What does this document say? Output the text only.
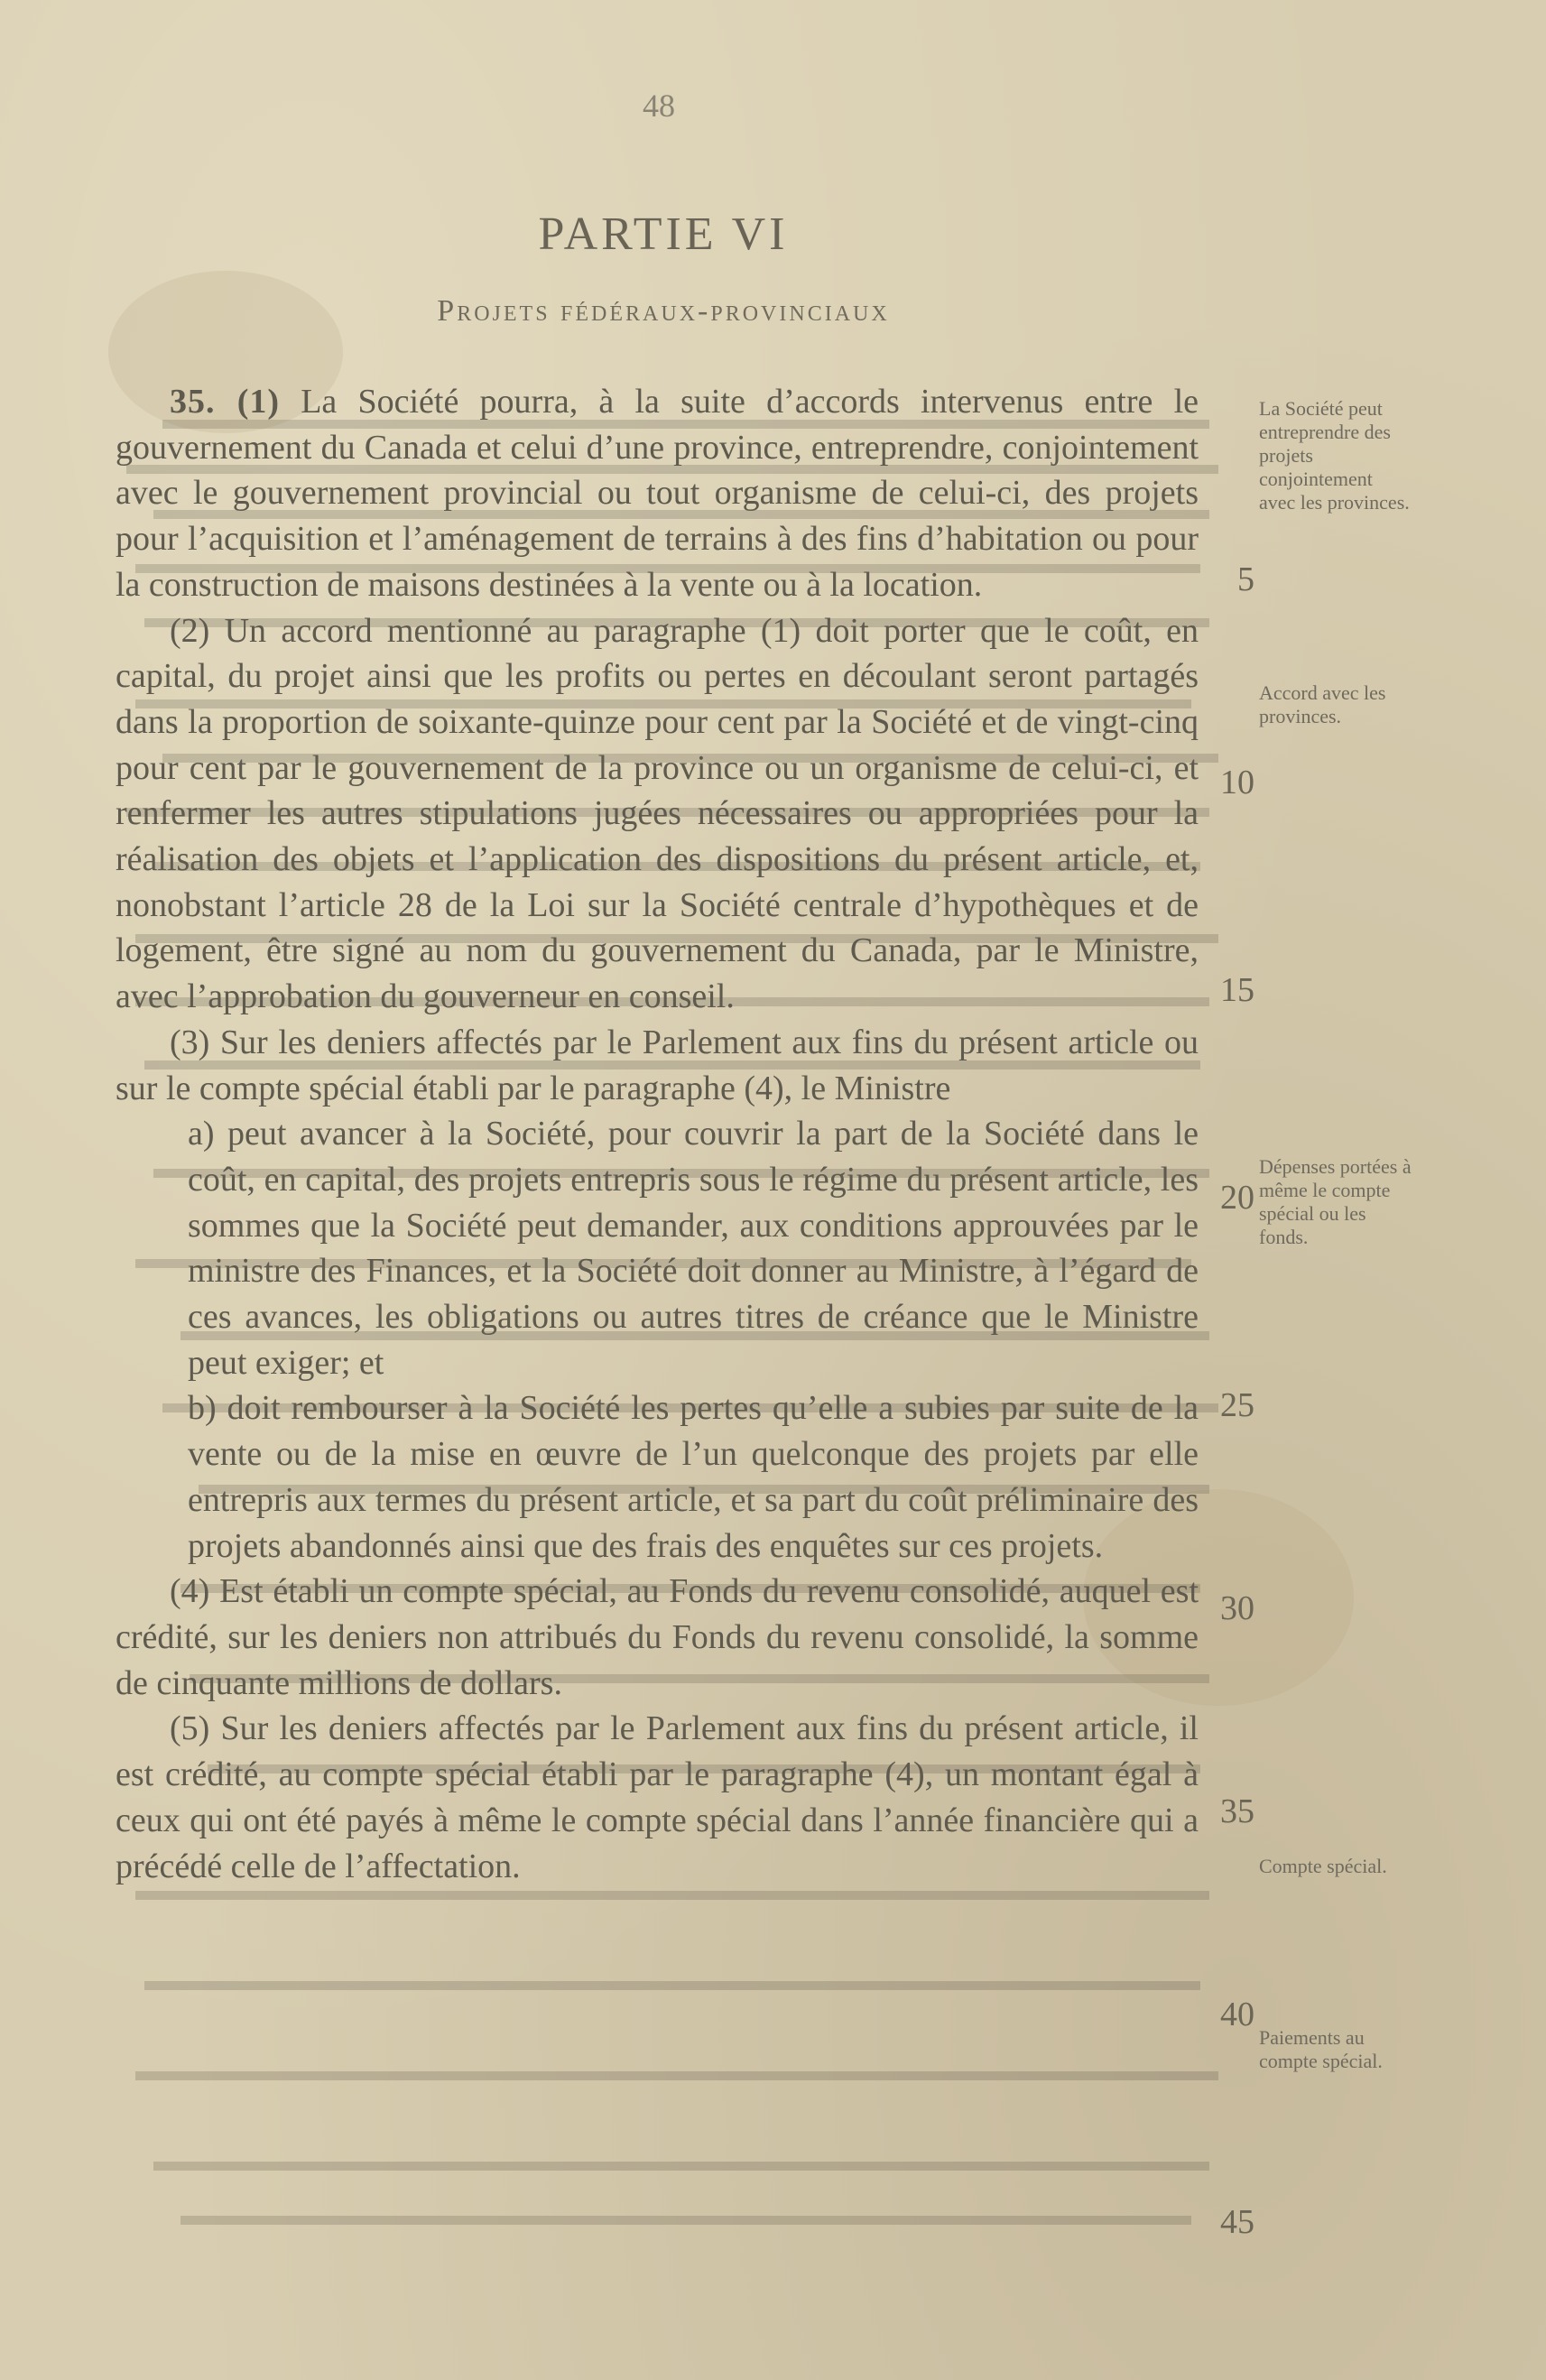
48
PARTIE VI
Projets fédéraux-provinciaux

35. (1) La Société pourra, à la suite d’accords intervenus entre le gouvernement du Canada et celui d’une province, entreprendre, conjointement avec le gouvernement provincial ou tout organisme de celui-ci, des projets pour l’acquisition et l’aménagement de terrains à des fins d’habitation ou pour la construction de maisons destinées à la vente ou à la location.

(2) Un accord mentionné au paragraphe (1) doit porter que le coût, en capital, du projet ainsi que les profits ou pertes en découlant seront partagés dans la proportion de soixante-quinze pour cent par la Société et de vingt-cinq pour cent par le gouvernement de la province ou un organisme de celui-ci, et renfermer les autres stipulations jugées nécessaires ou appropriées pour la réalisation des objets et l’application des dispositions du présent article, et, nonobstant l’article 28 de la Loi sur la Société centrale d’hypothèques et de logement, être signé au nom du gouvernement du Canada, par le Ministre, avec l’approbation du gouverneur en conseil.

(3) Sur les deniers affectés par le Parlement aux fins du présent article ou sur le compte spécial établi par le paragraphe (4), le Ministre

a) peut avancer à la Société, pour couvrir la part de la Société dans le coût, en capital, des projets entrepris sous le régime du présent article, les sommes que la Société peut demander, aux conditions approuvées par le ministre des Finances, et la Société doit donner au Ministre, à l’égard de ces avances, les obligations ou autres titres de créance que le Ministre peut exiger; et

b) doit rembourser à la Société les pertes qu’elle a subies par suite de la vente ou de la mise en œuvre de l’un quelconque des projets par elle entrepris aux termes du présent article, et sa part du coût préliminaire des projets abandonnés ainsi que des frais des enquêtes sur ces projets.

(4) Est établi un compte spécial, au Fonds du revenu consolidé, auquel est crédité, sur les deniers non attribués du Fonds du revenu consolidé, la somme de cinquante millions de dollars.

(5) Sur les deniers affectés par le Parlement aux fins du présent article, il est crédité, au compte spécial établi par le paragraphe (4), un montant égal à ceux qui ont été payés à même le compte spécial dans l’année financière qui a précédé celle de l’affectation.

5
10
15
20
25
30
35
40
45
La Société peut entreprendre des projets conjointement avec les provinces.
Accord avec les provinces.
Dépenses portées à même le compte spécial ou les fonds.
Compte spécial.
Paiements au compte spécial.
